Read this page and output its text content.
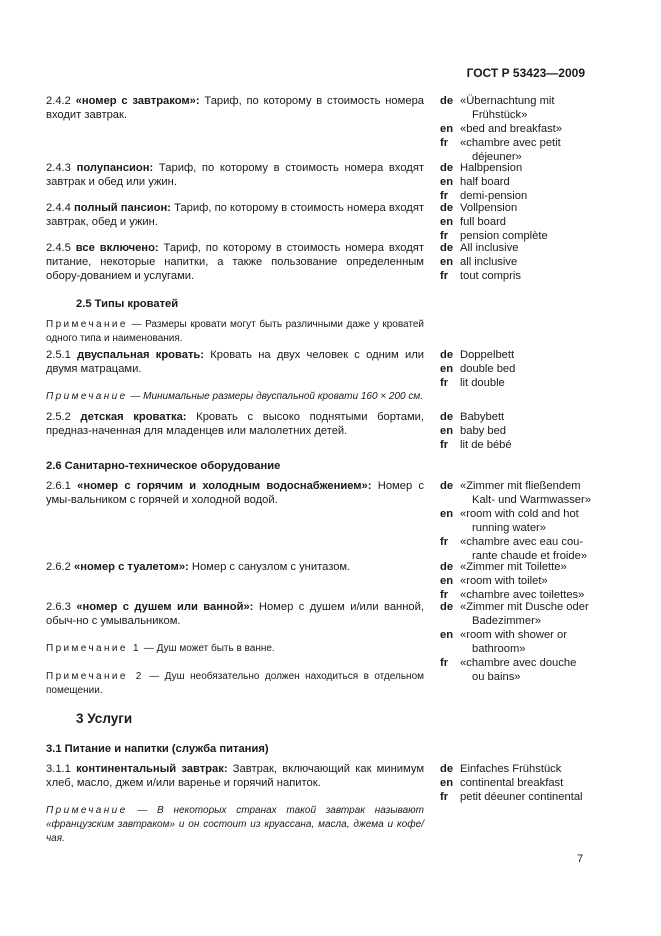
ГОСТ Р 53423—2009
2.4.2 «номер с завтраком»: Тариф, по которому в стоимость номера входит завтрак.
de «Übernachtung mit
Frühstück»
en «bed and breakfast»
fr	«chambre avec petit
déjeuner»
2.4.3 полупансион: Тариф, по которому в стоимость номера входят завтрак и обед или ужин.
de Halbpension
en half board
fr	demi-pension
2.4.4 полный пансион: Тариф, по которому в стоимость номера входят завтрак, обед и ужин.
de Vollpension
en full board
fr	pension complète
2.4.5 все включено: Тариф, по которому в стоимость номера входят питание, некоторые напитки, а также пользование определенным обору-дованием и услугами.
de All inclusive
en all inclusive
fr	tout compris
2.5 Типы кроватей
Примечание — Размеры кровати могут быть различными даже у кроватей одного типа и наименования.
2.5.1 двуспальная кровать: Кровать на двух человек с одним или двумя матрацами.
de Doppelbett
en double bed
fr	lit double
Примечание — Минимальные размеры двуспальной кровати 160 × 200 см.
2.5.2 детская кроватка: Кровать с высоко поднятыми бортами, предназ-наченная для младенцев или малолетних детей.
de Babybett
en baby bed
fr	lit de bébé
2.6 Санитарно-техническое оборудование
2.6.1 «номер с горячим и холодным водоснабжением»: Номер с умы-вальником с горячей и холодной водой.
de «Zimmer mit fließendem
Kalt- und Warmwasser»
en «room with cold and hot
running water»
fr	«chambre avec eau cou-
rante chaude et froide»
2.6.2 «номер с туалетом»: Номер с санузлом с унитазом.	de «Zimmer mit Toilette»
en «room with toilet»
fr	«chambre avec toilettes»
2.6.3 «номер с душем или ванной»: Номер с душем и/или ванной, обыч-но с умывальником.
de «Zimmer mit Dusche oder
Badezimmer»
en «room with shower or
bathroom»
fr	«chambre avec douche
ou bains»
Примечание 1 — Душ может быть в ванне.
Примечание 2 — Душ необязательно должен находиться в отдельном помещении.
3 Услуги
3.1 Питание и напитки (служба питания)
3.1.1 континентальный завтрак: Завтрак, включающий как минимум хлеб, масло, джем и/или варенье и горячий напиток.
de Einfaches Frühstück
en continental breakfast
fr	petit déeuner continental
Примечание — В некоторых странах такой завтрак называют «французским завтраком» и он состоит из круассана, масла, джема и кофе/чая.
7
